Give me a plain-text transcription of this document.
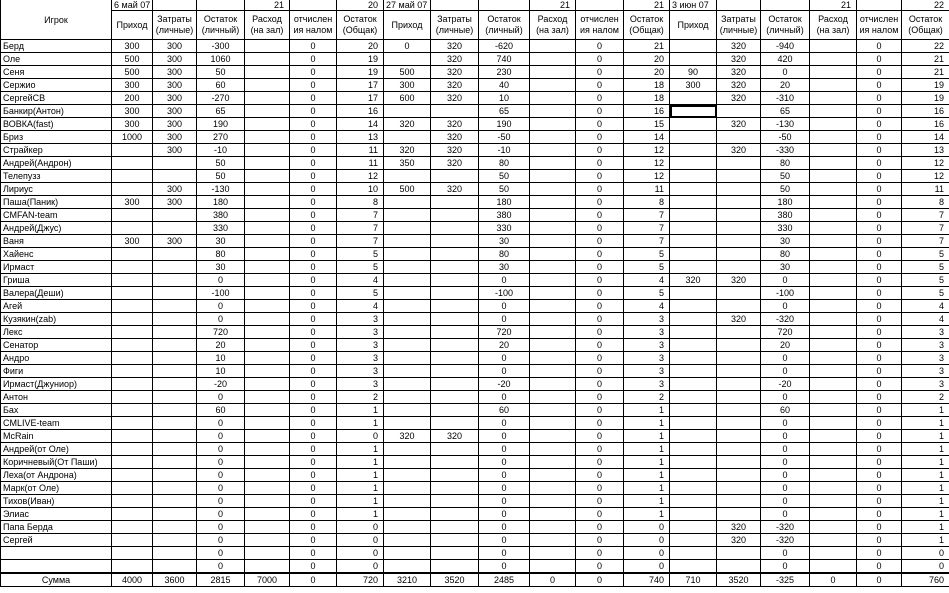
Игрок	6 май 07			21		20	27 май 07			21		21	3 июн 07			21		22
	Приход	Затраты (личные)	Остаток (личный)	Расход (на зал)	отчислен ия налом	Остаток (Общак)	Приход	Затраты (личные)	Остаток (личный)	Расход (на зал)	отчислен ия налом	Остаток (Общак)	Приход	Затраты (личные)	Остаток (личный)	Расход (на зал)	отчислен ия налом	Остаток (Общак)
Берд	300	300	-300		0	20	0	320	-620		0	21		320	-940		0	22
Оле	500	300	1060		0	19		320	740		0	20		320	420		0	21
Сеня	500	300	50		0	19	500	320	230		0	20	90	320	0		0	21
Сержио	300	300	60		0	17	300	320	40		0	18	300	320	20		0	19
СергейСВ	200	300	-270		0	17	600	320	10		0	18		320	-310		0	19
Банкир(Антон)	300	300	65		0	16			65		0	16			65		0	16
ВОВКА(fast)	300	300	190		0	14	320	320	190		0	15		320	-130		0	16
Бриз	1000	300	270		0	13		320	-50		0	14			-50		0	14
Страйкер		300	-10		0	11	320	320	-10		0	12		320	-330		0	13
Андрей(Андрон)			50		0	11	350	320	80		0	12			80		0	12
Телепузз			50		0	12			50		0	12			50		0	12
Лириус		300	-130		0	10	500	320	50		0	11			50		0	11
Паша(Паник)	300	300	180		0	8			180		0	8			180		0	8
CMFAN-team			380		0	7			380		0	7			380		0	7
Андрей(Джус)			330		0	7			330		0	7			330		0	7
Ваня	300	300	30		0	7			30		0	7			30		0	7
Хайенс			80		0	5			80		0	5			80		0	5
Ирмаст			30		0	5			30		0	5			30		0	5
Гриша			0		0	4			0		0	4	320	320	0		0	5
Валера(Деши)			-100		0	5			-100		0	5			-100		0	5
Агей			0		0	4			0		0	4			0		0	4
Кузякин(zab)			0		0	3			0		0	3		320	-320		0	4
Лекс			720		0	3			720		0	3			720		0	3
Сенатор			20		0	3			20		0	3			20		0	3
Андро			10		0	3			0		0	3			0		0	3
Фиги			10		0	3			0		0	3			0		0	3
Ирмаст(Джуниор)			-20		0	3			-20		0	3			-20		0	3
Антон			0		0	2			0		0	2			0		0	2
Бах			60		0	1			60		0	1			60		0	1
CMLIVE-team			0		0	1			0		0	1			0		0	1
McRain			0		0	0	320	320	0		0	1			0		0	1
Андрей(от Оле)			0		0	1			0		0	1			0		0	1
Коричневый(От Паши)			0		0	1			0		0	1			0		0	1
Леха(от Андрона)			0		0	1			0		0	1			0		0	1
Марк(от Оле)			0		0	1			0		0	1			0		0	1
Тихов(Иван)			0		0	1			0		0	1			0		0	1
Элиас			0		0	1			0		0	1			0		0	1
Папа Берда			0		0	0			0		0	0		320	-320		0	1
Сергей			0		0	0			0		0	0		320	-320		0	1
			0		0	0			0		0	0			0		0	0
			0		0	0			0		0	0			0		0	0
Сумма	4000	3600	2815	7000	0	720	3210	3520	2485	0	0	740	710	3520	-325	0	0	760
